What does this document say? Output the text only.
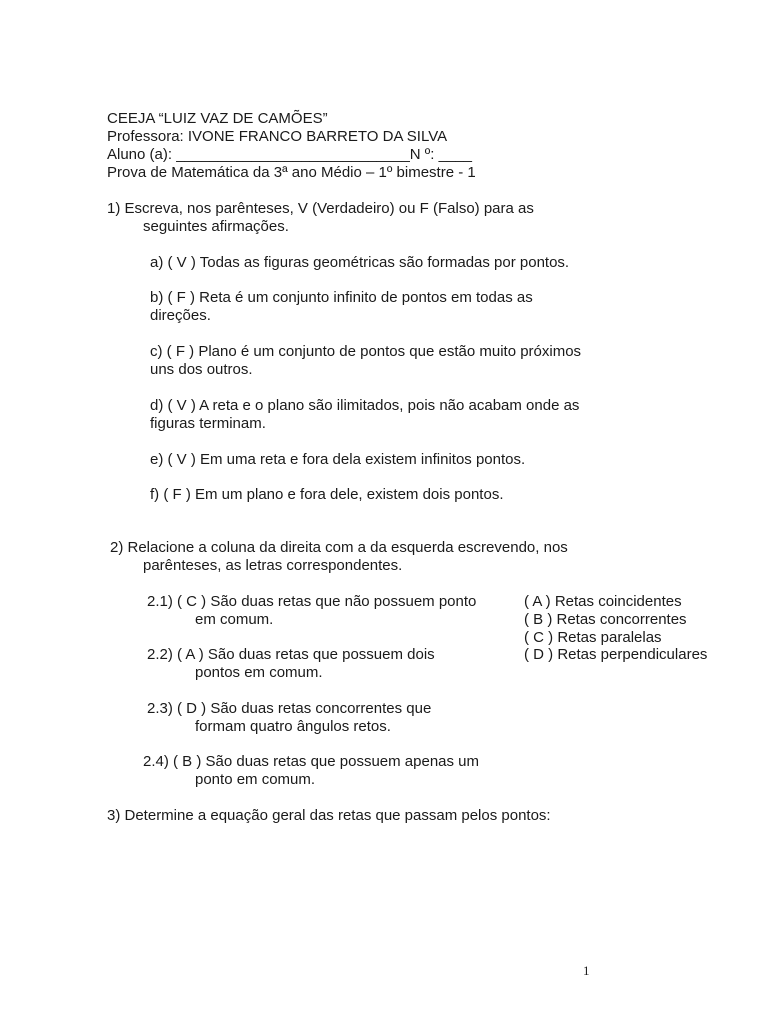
CEEJA “LUIZ VAZ DE CAMÕES”
Professora: IVONE FRANCO BARRETO DA SILVA
Aluno (a): ____________________________N º: ____
Prova de Matemática da 3ª ano Médio – 1º bimestre - 1
1) Escreva, nos parênteses, V (Verdadeiro) ou F (Falso) para as
seguintes afirmações.
a) ( V ) Todas as figuras geométricas são formadas por pontos.
b) ( F ) Reta é um conjunto infinito de pontos em todas as
direções.
c) ( F ) Plano é um conjunto de pontos que estão muito próximos
uns dos outros.
d) ( V ) A reta e o plano são ilimitados, pois não acabam onde as
figuras terminam.
e) ( V ) Em uma reta e fora dela existem infinitos pontos.
f) ( F ) Em um plano e fora dele, existem dois pontos.
2) Relacione a coluna da direita com a da esquerda escrevendo, nos
parênteses, as letras correspondentes.
2.1) ( C ) São duas retas que não possuem ponto
em comum.
2.2) ( A ) São duas retas que possuem dois
pontos em comum.
2.3) ( D ) São duas retas concorrentes que
formam quatro ângulos retos.
2.4) ( B ) São duas retas que possuem apenas um
ponto em comum.
( A ) Retas coincidentes
( B ) Retas concorrentes
( C ) Retas paralelas
( D ) Retas perpendiculares
3) Determine a equação geral das retas que passam pelos pontos:
1
